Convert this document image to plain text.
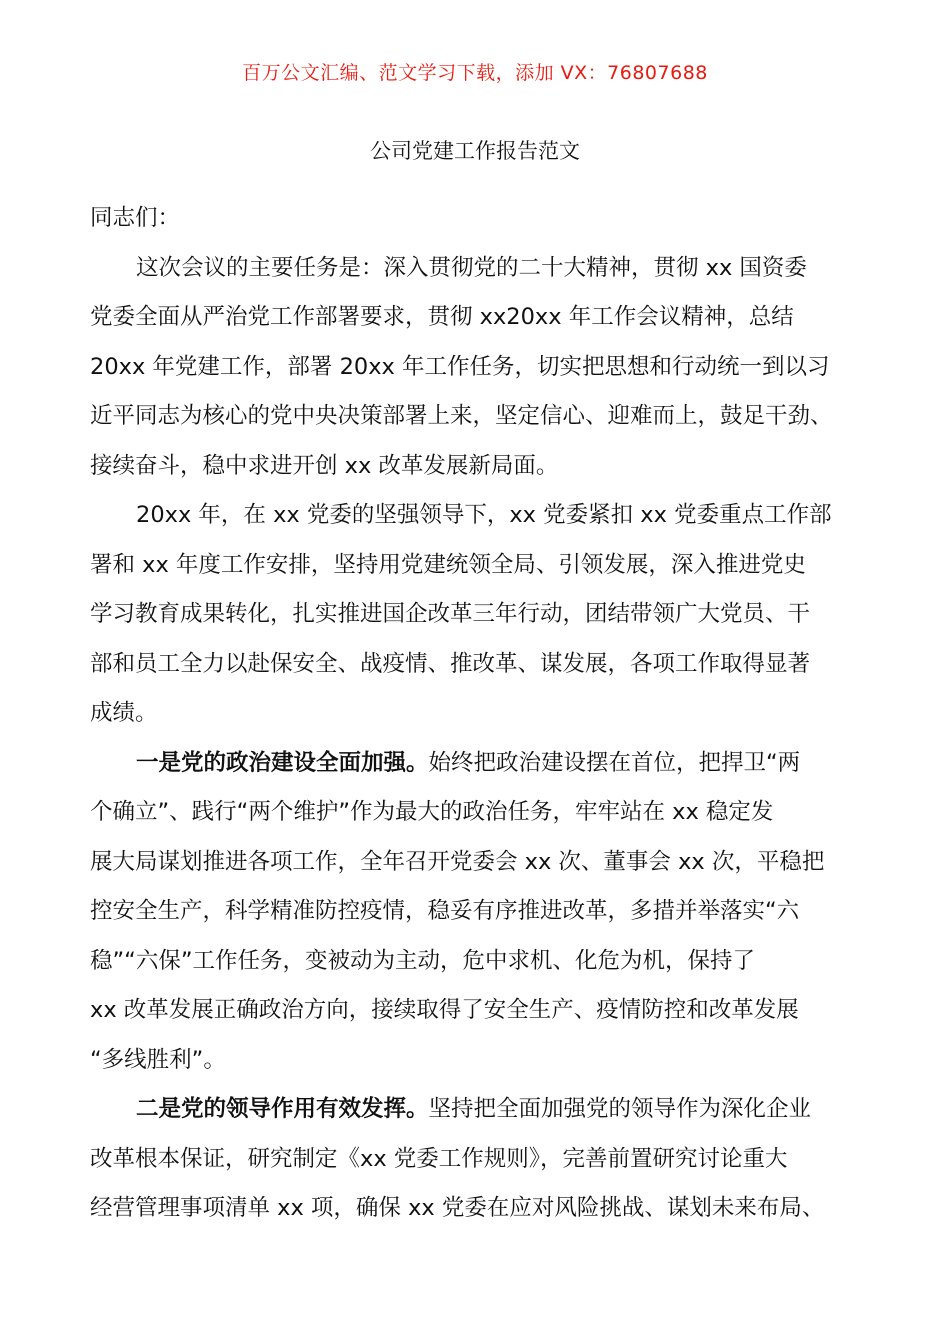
百万公文汇编、范文学习下载，添加 VX：76807688
公司党建工作报告范文

同志们：

这次会议的主要任务是：深入贯彻党的二十大精神，贯彻 xx 国资委
党委全面从严治党工作部署要求，贯彻 xx20xx 年工作会议精神，总结
20xx 年党建工作，部署 20xx 年工作任务，切实把思想和行动统一到以习
近平同志为核心的党中央决策部署上来，坚定信心、迎难而上，鼓足干劲、
接续奋斗，稳中求进开创 xx 改革发展新局面。

20xx 年，在 xx 党委的坚强领导下，xx 党委紧扣 xx 党委重点工作部
署和 xx 年度工作安排，坚持用党建统领全局、引领发展，深入推进党史
学习教育成果转化，扎实推进国企改革三年行动，团结带领广大党员、干
部和员工全力以赴保安全、战疫情、推改革、谋发展，各项工作取得显著
成绩。

一是党的政治建设全面加强。始终把政治建设摆在首位，把捍卫“两
个确立”、践行“两个维护”作为最大的政治任务，牢牢站在 xx 稳定发
展大局谋划推进各项工作，全年召开党委会 xx 次、董事会 xx 次，平稳把
控安全生产，科学精准防控疫情，稳妥有序推进改革，多措并举落实“六
稳”“六保”工作任务，变被动为主动，危中求机、化危为机，保持了
xx 改革发展正确政治方向，接续取得了安全生产、疫情防控和改革发展
“多线胜利”。

二是党的领导作用有效发挥。坚持把全面加强党的领导作为深化企业
改革根本保证，研究制定《xx 党委工作规则》，完善前置研究讨论重大
经营管理事项清单 xx 项，确保 xx 党委在应对风险挑战、谋划未来布局、
